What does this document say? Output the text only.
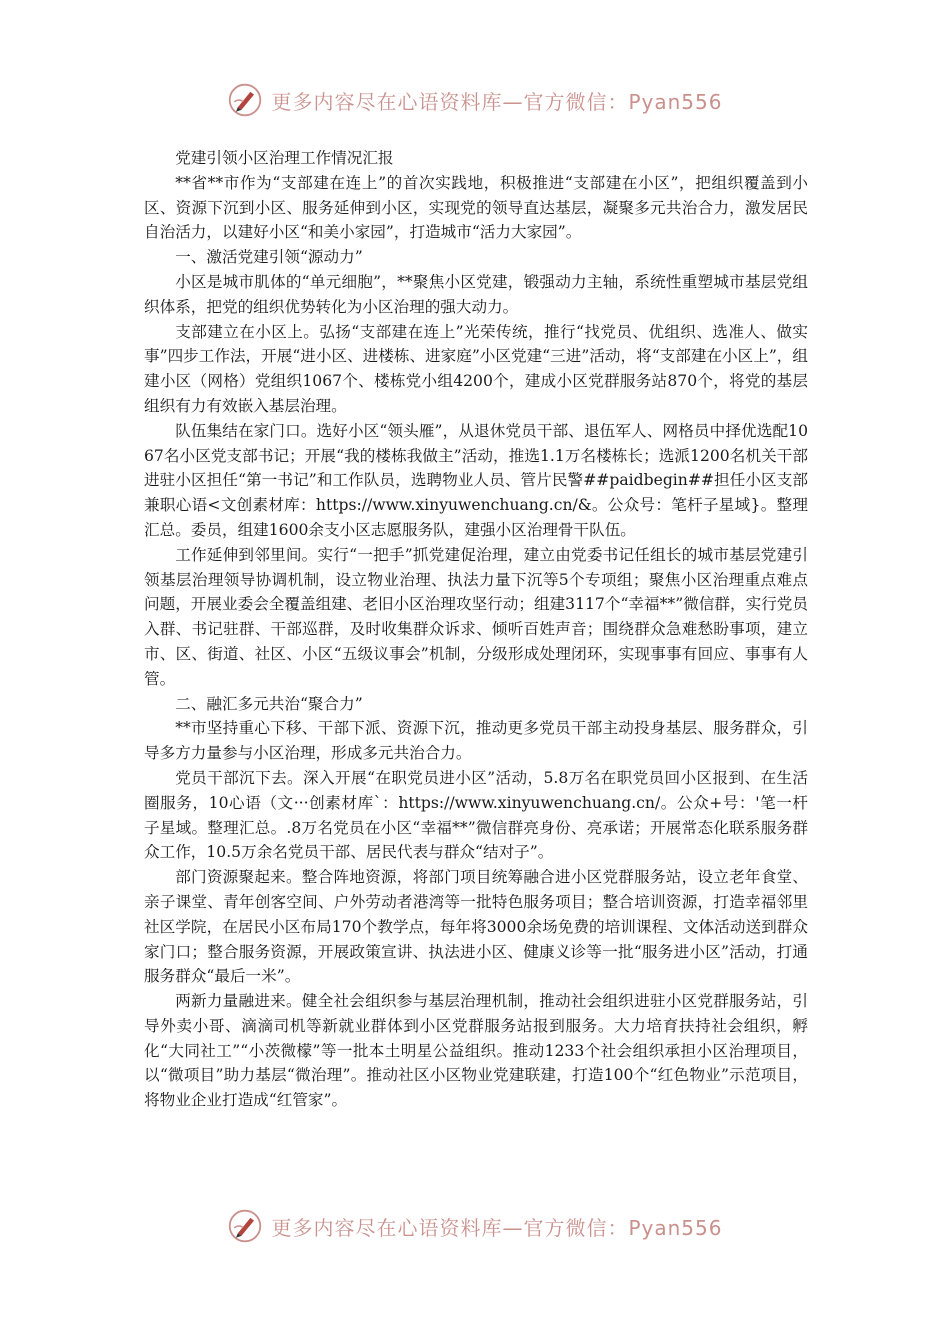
更多内容尽在心语资料库—官方微信：Pyan556

党建引领小区治理工作情况汇报

**省**市作为“支部建在连上”的首次实践地，积极推进“支部建在小区”，把组织覆盖到小区、资源下沉到小区、服务延伸到小区，实现党的领导直达基层，凝聚多元共治合力，激发居民自治活力，以建好小区“和美小家园”，打造城市“活力大家园”。

一、激活党建引领“源动力”

小区是城市肌体的“单元细胞”，**聚焦小区党建，锻强动力主轴，系统性重塑城市基层党组织体系，把党的组织优势转化为小区治理的强大动力。

支部建立在小区上。弘扬“支部建在连上”光荣传统，推行“找党员、优组织、选准人、做实事”四步工作法，开展“进小区、进楼栋、进家庭”小区党建“三进”活动，将“支部建在小区上”，组建小区（网格）党组织1067个、楼栋党小组4200个，建成小区党群服务站870个，将党的基层组织有力有效嵌入基层治理。

队伍集结在家门口。选好小区“领头雁”，从退休党员干部、退伍军人、网格员中择优选配1067名小区党支部书记；开展“我的楼栋我做主”活动，推选1.1万名楼栋长；选派1200名机关干部进驻小区担任“第一书记”和工作队员，选聘物业人员、管片民警##paidbegin##担任小区支部兼职心语<文创素材库：https://www.xinyuwenchuang.cn/&。公众号：笔杆子星域}。整理汇总。委员，组建1600余支小区志愿服务队，建强小区治理骨干队伍。

工作延伸到邻里间。实行“一把手”抓党建促治理，建立由党委书记任组长的城市基层党建引领基层治理领导协调机制，设立物业治理、执法力量下沉等5个专项组；聚焦小区治理重点难点问题，开展业委会全覆盖组建、老旧小区治理攻坚行动；组建3117个“幸福**”微信群，实行党员入群、书记驻群、干部巡群，及时收集群众诉求、倾听百姓声音；围绕群众急难愁盼事项，建立市、区、街道、社区、小区“五级议事会”机制，分级形成处理闭环，实现事事有回应、事事有人管。

二、融汇多元共治“聚合力”

**市坚持重心下移、干部下派、资源下沉，推动更多党员干部主动投身基层、服务群众，引导多方力量参与小区治理，形成多元共治合力。

党员干部沉下去。深入开展“在职党员进小区”活动，5.8万名在职党员回小区报到、在生活圈服务，10心语（文···创素材库`：https://www.xinyuwenchuang.cn/。公众+号：'笔一杆子星域。整理汇总。.8万名党员在小区“幸福**”微信群亮身份、亮承诺；开展常态化联系服务群众工作，10.5万余名党员干部、居民代表与群众“结对子”。

部门资源聚起来。整合阵地资源，将部门项目统筹融合进小区党群服务站，设立老年食堂、亲子课堂、青年创客空间、户外劳动者港湾等一批特色服务项目；整合培训资源，打造幸福邻里社区学院，在居民小区布局170个教学点，每年将3000余场免费的培训课程、文体活动送到群众家门口；整合服务资源，开展政策宣讲、执法进小区、健康义诊等一批“服务进小区”活动，打通服务群众“最后一米”。

两新力量融进来。健全社会组织参与基层治理机制，推动社会组织进驻小区党群服务站，引导外卖小哥、滴滴司机等新就业群体到小区党群服务站报到服务。大力培育扶持社会组织，孵化“大同社工”“小茨微檬”等一批本土明星公益组织。推动1233个社会组织承担小区治理项目，以“微项目”助力基层“微治理”。推动社区小区物业党建联建，打造100个“红色物业”示范项目，将物业企业打造成“红管家”。

更多内容尽在心语资料库—官方微信：Pyan556
